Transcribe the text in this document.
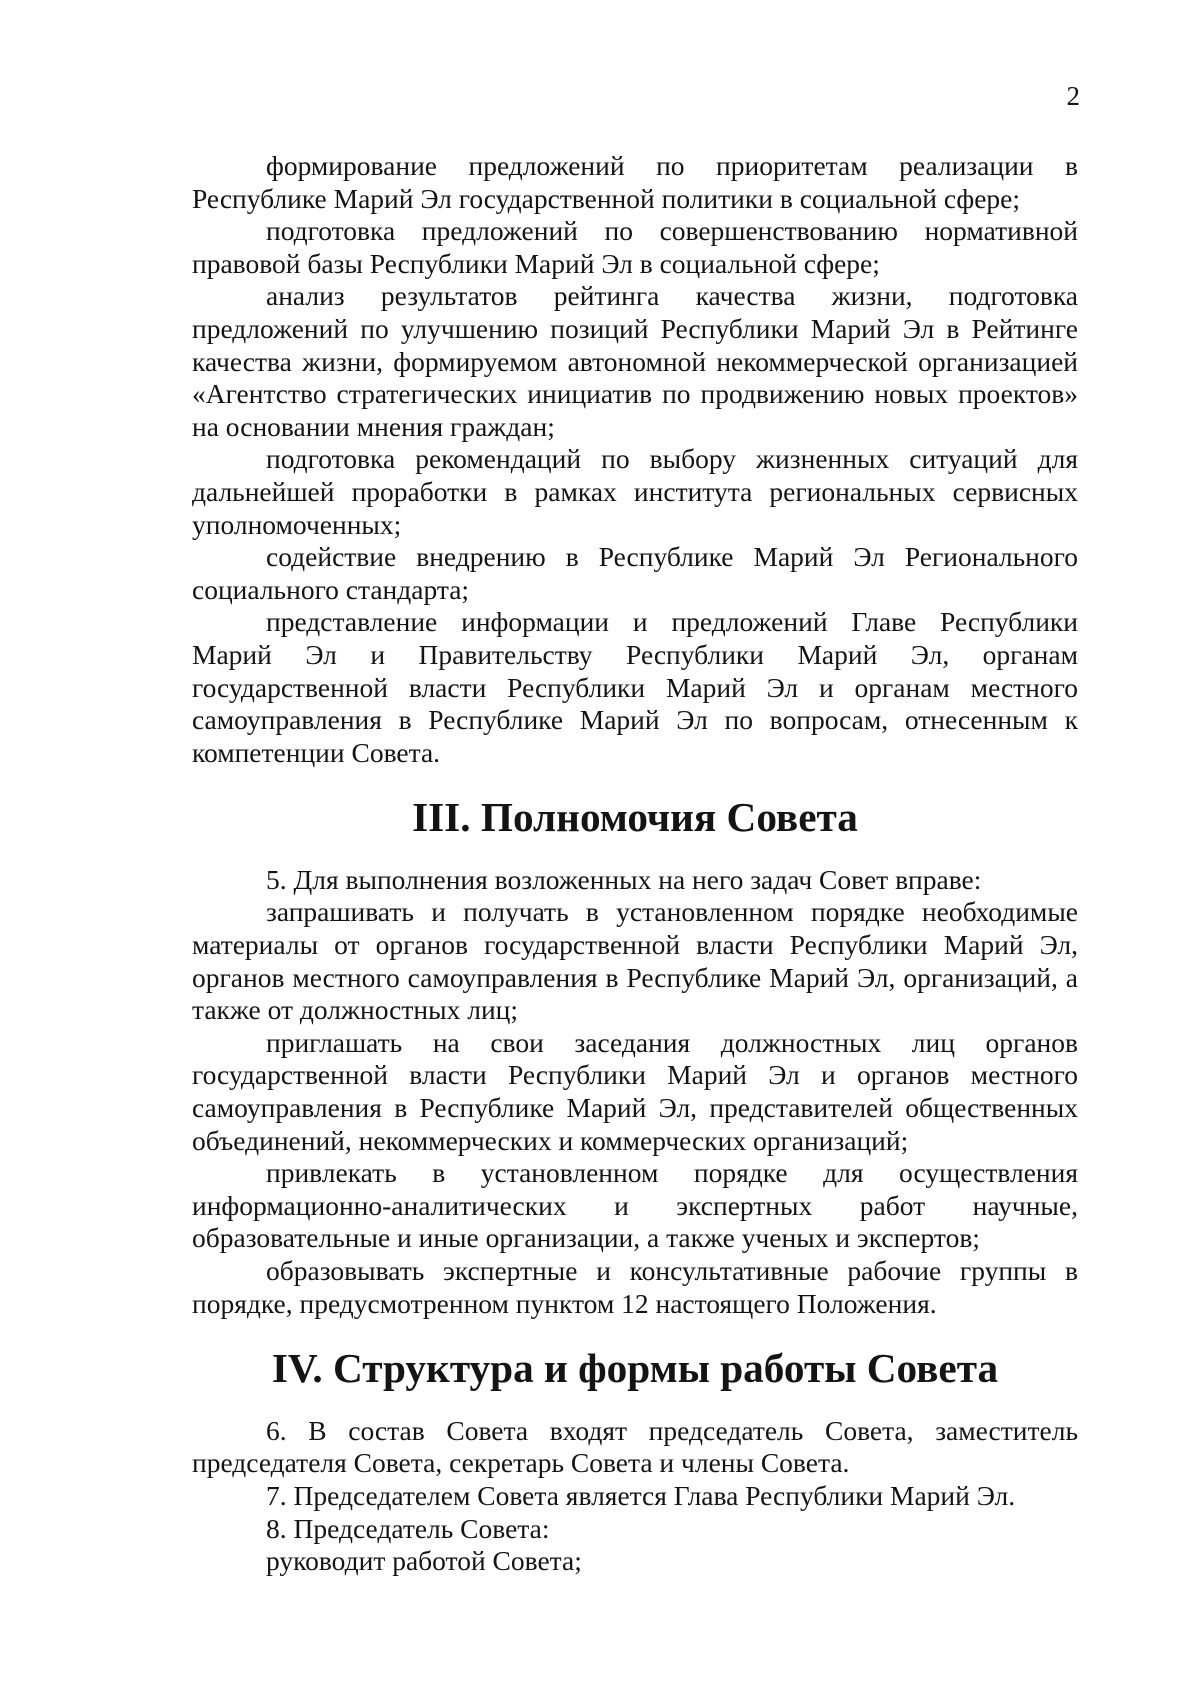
2

формирование предложений по приоритетам реализации в Республике Марий Эл государственной политики в социальной сфере;

подготовка предложений по совершенствованию нормативной правовой базы Республики Марий Эл в социальной сфере;

анализ результатов рейтинга качества жизни, подготовка предложений по улучшению позиций Республики Марий Эл в Рейтинге качества жизни, формируемом автономной некоммерческой организацией «Агентство стратегических инициатив по продвижению новых проектов» на основании мнения граждан;

подготовка рекомендаций по выбору жизненных ситуаций для дальнейшей проработки в рамках института региональных сервисных уполномоченных;

содействие внедрению в Республике Марий Эл Регионального социального стандарта;

представление информации и предложений Главе Республики Марий Эл и Правительству Республики Марий Эл, органам государственной власти Республики Марий Эл и органам местного самоуправления в Республике Марий Эл по вопросам, отнесенным к компетенции Совета.

III. Полномочия Совета

5. Для выполнения возложенных на него задач Совет вправе:

запрашивать и получать в установленном порядке необходимые материалы от органов государственной власти Республики Марий Эл, органов местного самоуправления в Республике Марий Эл, организаций, а также от должностных лиц;

приглашать на свои заседания должностных лиц органов государственной власти Республики Марий Эл и органов местного самоуправления в Республике Марий Эл, представителей общественных объединений, некоммерческих и коммерческих организаций;

привлекать в установленном порядке для осуществления информационно-аналитических и экспертных работ научные, образовательные и иные организации, а также ученых и экспертов;

образовывать экспертные и консультативные рабочие группы в порядке, предусмотренном пунктом 12 настоящего Положения.

IV. Структура и формы работы Совета

6. В состав Совета входят председатель Совета, заместитель председателя Совета, секретарь Совета и члены Совета.

7. Председателем Совета является Глава Республики Марий Эл.

8. Председатель Совета:

руководит работой Совета;
